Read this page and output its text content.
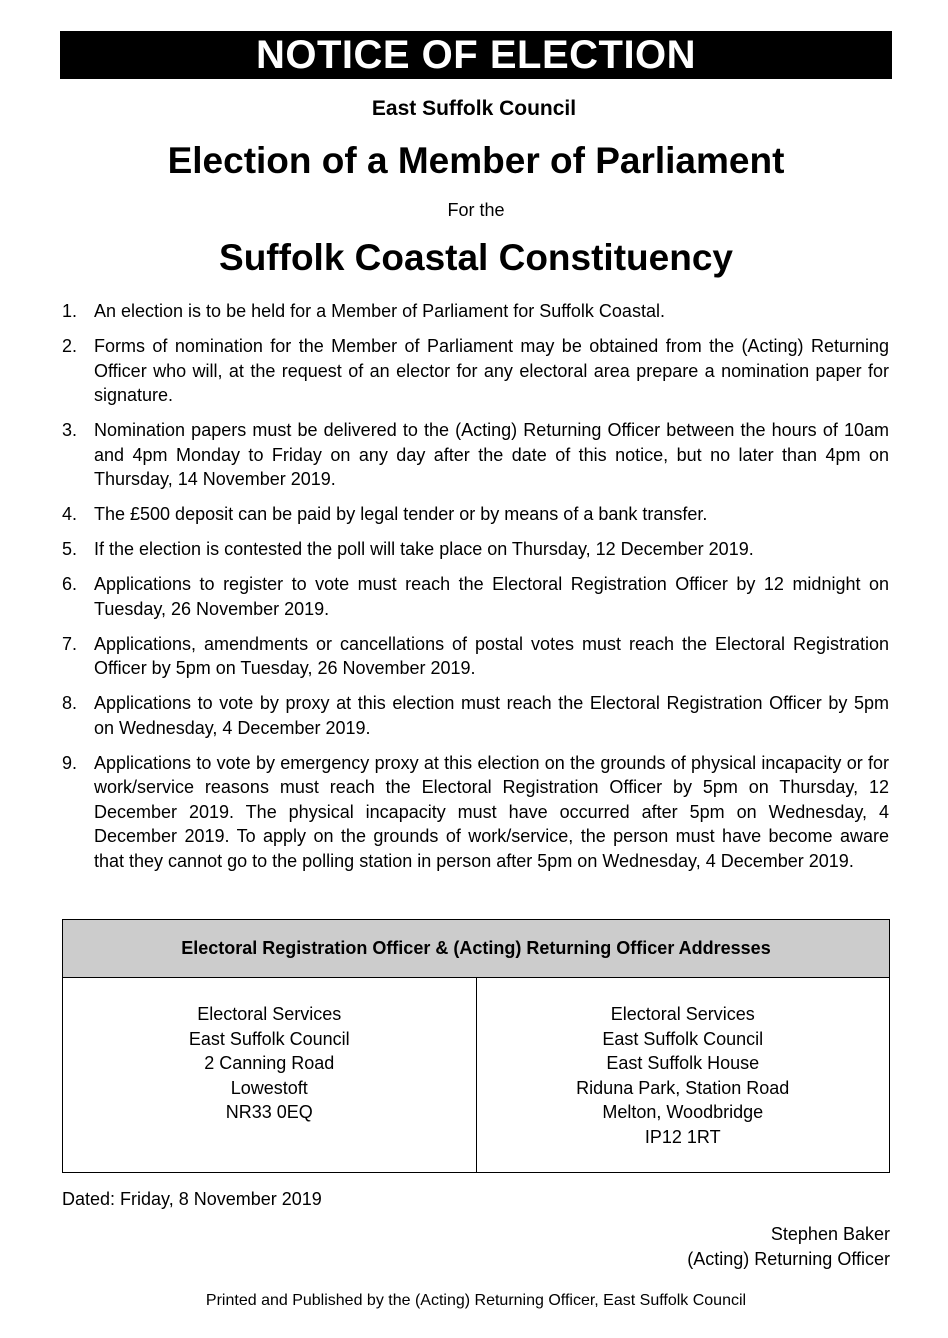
NOTICE OF ELECTION
East Suffolk Council
Election of a Member of Parliament
For the
Suffolk Coastal Constituency
1. An election is to be held for a Member of Parliament for Suffolk Coastal.
2. Forms of nomination for the Member of Parliament may be obtained from the (Acting) Returning Officer who will, at the request of an elector for any electoral area prepare a nomination paper for signature.
3. Nomination papers must be delivered to the (Acting) Returning Officer between the hours of 10am and 4pm Monday to Friday on any day after the date of this notice, but no later than 4pm on Thursday, 14 November 2019.
4. The £500 deposit can be paid by legal tender or by means of a bank transfer.
5. If the election is contested the poll will take place on Thursday, 12 December 2019.
6. Applications to register to vote must reach the Electoral Registration Officer by 12 midnight on Tuesday, 26 November 2019.
7. Applications, amendments or cancellations of postal votes must reach the Electoral Registration Officer by 5pm on Tuesday, 26 November 2019.
8. Applications to vote by proxy at this election must reach the Electoral Registration Officer by 5pm on Wednesday, 4 December 2019.
9. Applications to vote by emergency proxy at this election on the grounds of physical incapacity or for work/service reasons must reach the Electoral Registration Officer by 5pm on Thursday, 12 December 2019. The physical incapacity must have occurred after 5pm on Wednesday, 4 December 2019. To apply on the grounds of work/service, the person must have become aware that they cannot go to the polling station in person after 5pm on Wednesday, 4 December 2019.
Electoral Registration Officer & (Acting) Returning Officer Addresses
Electoral Services
East Suffolk Council
2 Canning Road
Lowestoft
NR33 0EQ
Electoral Services
East Suffolk Council
East Suffolk House
Riduna Park, Station Road
Melton, Woodbridge
IP12 1RT
Dated: Friday, 8 November 2019
Stephen Baker
(Acting) Returning Officer
Printed and Published by the (Acting) Returning Officer, East Suffolk Council
